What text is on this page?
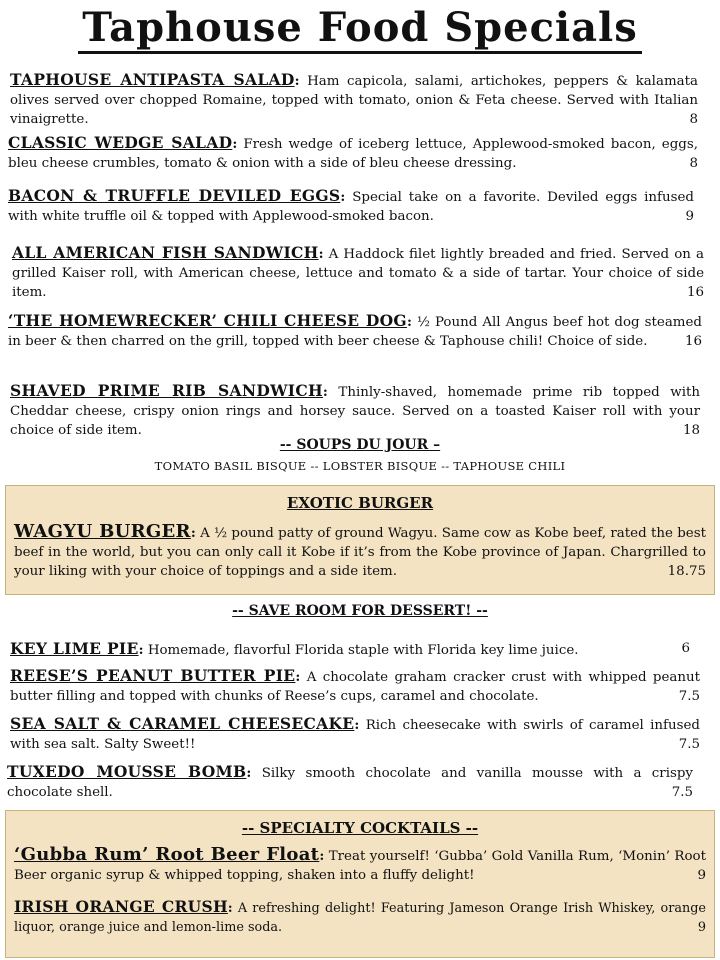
Taphouse Food Specials
TAPHOUSE ANTIPASTA SALAD: Ham capicola, salami, artichokes, peppers & kalamata olives served over chopped Romaine, topped with tomato, onion & Feta cheese. Served with Italian vinaigrette.	8
CLASSIC WEDGE SALAD: Fresh wedge of iceberg lettuce, Applewood-smoked bacon, eggs, bleu cheese crumbles, tomato & onion with a side of bleu cheese dressing.	8
BACON & TRUFFLE DEVILED EGGS: Special take on a favorite. Deviled eggs infused with white truffle oil & topped with Applewood-smoked bacon.	9
ALL AMERICAN FISH SANDWICH: A Haddock filet lightly breaded and fried. Served on a grilled Kaiser roll, with American cheese, lettuce and tomato & a side of tartar. Your choice of side item.	16
‘THE HOMEWRECKER’ CHILI CHEESE DOG: ½ Pound All Angus beef hot dog steamed in beer & then charred on the grill, topped with beer cheese & Taphouse chili! Choice of side.	16
SHAVED PRIME RIB SANDWICH: Thinly-shaved, homemade prime rib topped with Cheddar cheese, crispy onion rings and horsey sauce. Served on a toasted Kaiser roll with your choice of side item.	18
-- SOUPS DU JOUR –
TOMATO BASIL BISQUE -- LOBSTER BISQUE -- TAPHOUSE CHILI
EXOTIC BURGER
WAGYU BURGER: A ½ pound patty of ground Wagyu. Same cow as Kobe beef, rated the best beef in the world, but you can only call it Kobe if it’s from the Kobe province of Japan. Chargrilled to your liking with your choice of toppings and a side item.	18.75
-- SAVE ROOM FOR DESSERT! --
KEY LIME PIE: Homemade, flavorful Florida staple with Florida key lime juice.	6
REESE’S PEANUT BUTTER PIE: A chocolate graham cracker crust with whipped peanut butter filling and topped with chunks of Reese’s cups, caramel and chocolate.	7.5
SEA SALT & CARAMEL CHEESECAKE: Rich cheesecake with swirls of caramel infused with sea salt. Salty Sweet!!	7.5
TUXEDO MOUSSE BOMB: Silky smooth chocolate and vanilla mousse with a crispy chocolate shell.	7.5
-- SPECIALTY COCKTAILS --
‘Gubba Rum’ Root Beer Float: Treat yourself! ‘Gubba’ Gold Vanilla Rum, ‘Monin’ Root Beer organic syrup & whipped topping, shaken into a fluffy delight!	9
IRISH ORANGE CRUSH: A refreshing delight! Featuring Jameson Orange Irish Whiskey, orange liquor, orange juice and lemon-lime soda.	9
